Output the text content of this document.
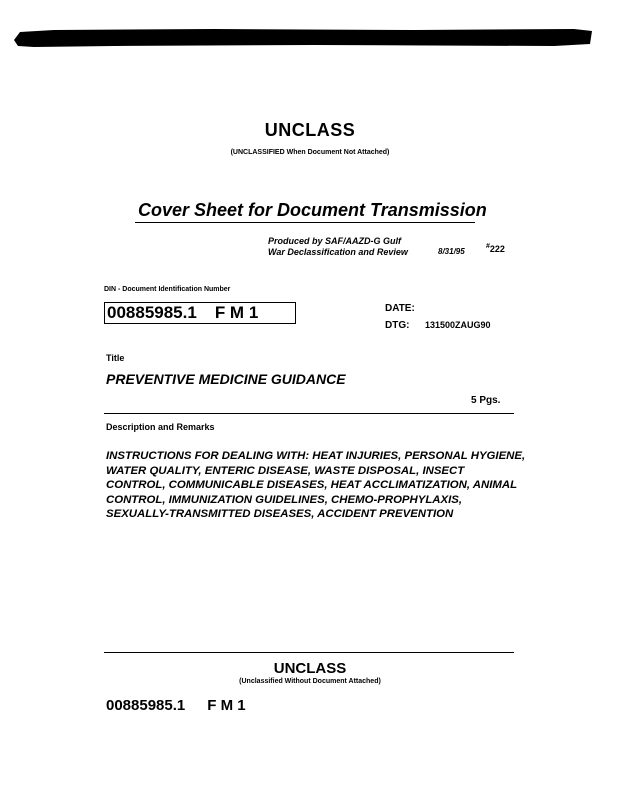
UNCLASS
(UNCLASSIFIED When Document Not Attached)
Cover Sheet for Document Transmission
Produced by SAF/AAZD-G Gulf
War Declassification and Review	8/31/95
#222
DIN - Document Identification Number
00885985.1 F M 1	DATE:
DTG: 131500ZAUG90
Title
PREVENTIVE MEDICINE GUIDANCE
5 Pgs.
Description and Remarks
INSTRUCTIONS FOR DEALING WITH: HEAT INJURIES, PERSONAL HYGIENE, WATER QUALITY, ENTERIC DISEASE, WASTE DISPOSAL, INSECT CONTROL, COMMUNICABLE DISEASES, HEAT ACCLIMATIZATION, ANIMAL CONTROL, IMMUNIZATION GUIDELINES, CHEMO-PROPHYLAXIS, SEXUALLY-TRANSMITTED DISEASES, ACCIDENT PREVENTION
UNCLASS
(Unclassified Without Document Attached)
00885985.1 F M 1
